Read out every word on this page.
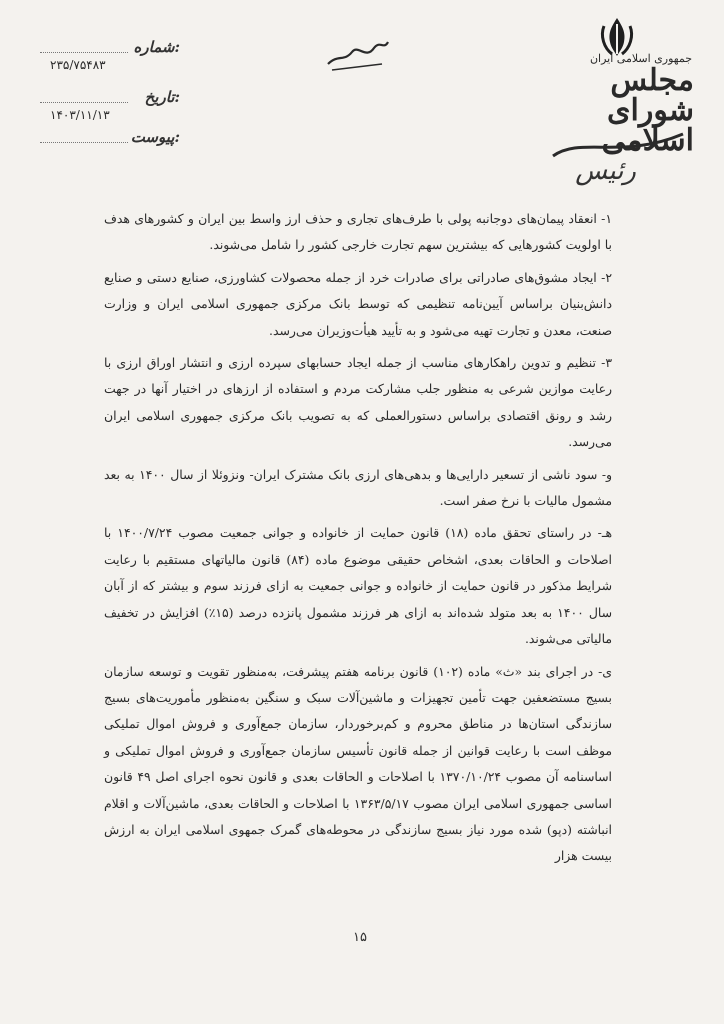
جمهوری اسلامی ایران
مجلس شورای اسلامی
رئیس
شماره:
۲۳۵/۷۵۴۸۳
تاریخ:
۱۴۰۳/۱۱/۱۳
پیوست:

۱- انعقاد پیمان‌های دوجانبه پولی با طرف‌های تجاری و حذف ارز واسط بین ایران و کشورهای هدف با اولویت کشورهایی که بیشترین سهم تجارت خارجی کشور را شامل می‌شوند.

۲- ایجاد مشوق‌های صادراتی برای صادرات خرد از جمله محصولات کشاورزی، صنایع دستی و صنایع دانش‌بنیان براساس آیین‌نامه تنظیمی که توسط بانک مرکزی جمهوری اسلامی ایران و وزارت صنعت، معدن و تجارت تهیه می‌شود و به تأیید هیأت‌وزیران می‌رسد.

۳- تنظیم و تدوین راهکارهای مناسب از جمله ایجاد حسابهای سپرده ارزی و انتشار اوراق ارزی با رعایت موازین شرعی به منظور جلب مشارکت مردم و استفاده از ارزهای در اختیار آنها در جهت رشد و رونق اقتصادی براساس دستورالعملی که به تصویب بانک مرکزی جمهوری اسلامی ایران می‌رسد.

و- سود ناشی از تسعیر دارایی‌ها و بدهی‌های ارزی بانک مشترک ایران- ونزوئلا از سال ۱۴۰۰ به بعد مشمول مالیات با نرخ صفر است.

هـ- در راستای تحقق ماده (۱۸) قانون حمایت از خانواده و جوانی جمعیت مصوب ۱۴۰۰/۷/۲۴ با اصلاحات و الحاقات بعدی، اشخاص حقیقی موضوع ماده (۸۴) قانون مالیاتهای مستقیم با رعایت شرایط مذکور در قانون حمایت از خانواده و جوانی جمعیت به ازای فرزند سوم و بیشتر که از آبان سال ۱۴۰۰ به بعد متولد شده‌اند به ازای هر فرزند مشمول پانزده درصد (۱۵٪) افزایش در تخفیف مالیاتی می‌شوند.

ی- در اجرای بند «ث» ماده (۱۰۲) قانون برنامه هفتم پیشرفت، به‌منظور تقویت و توسعه سازمان بسیج مستضعفین جهت تأمین تجهیزات و ماشین‌آلات سبک و سنگین به‌منظور مأموریت‌های بسیج سازندگی استان‌ها در مناطق محروم و کم‌برخوردار، سازمان جمع‌آوری و فروش اموال تملیکی موظف است با رعایت قوانین از جمله قانون تأسیس سازمان جمع‌آوری و فروش اموال تملیکی و اساسنامه آن مصوب ۱۳۷۰/۱۰/۲۴ با اصلاحات و الحاقات بعدی و قانون نحوه اجرای اصل ۴۹ قانون اساسی جمهوری اسلامی ایران مصوب ۱۳۶۳/۵/۱۷ با اصلاحات و الحاقات بعدی، ماشین‌آلات و اقلام انباشته (دپو) شده مورد نیاز بسیج سازندگی در محوطه‌های گمرک جمهوی اسلامی ایران به ارزش بیست هزار

۱۵
